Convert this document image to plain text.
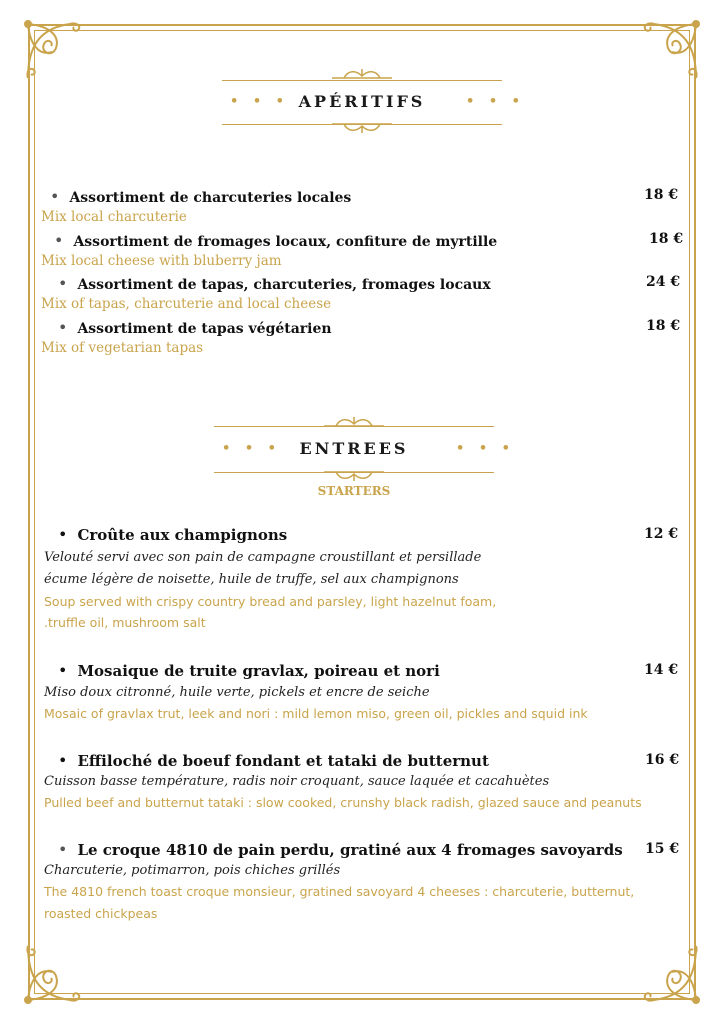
• • • APÉRITIFS	• • •
• Assortiment de charcuteries locales	18 €
Mix local charcuterie
• Assortiment de fromages locaux, confiture de myrtille	18 €
Mix local cheese with bluberry jam
• Assortiment de tapas, charcuteries, fromages locaux	24 €
Mix of tapas, charcuterie and local cheese
• Assortiment de tapas végétarien	18 €
Mix of vegetarian tapas
• • •	ENTREES	• • •
STARTERS
• Croûte aux champignons	12 €
Velouté servi avec son pain de campagne croustillant et persillade
écume légère de noisette, huile de truffe, sel aux champignons
Soup served with crispy country bread and parsley, light hazelnut foam,
.truffle oil, mushroom salt
• Mosaique de truite gravlax, poireau et nori	14 €
Miso doux citronné, huile verte, pickels et encre de seiche
Mosaic of gravlax trut, leek and nori : mild lemon miso, green oil, pickles and squid ink
• Effiloché de boeuf fondant et tataki de butternut	16 €
Cuisson basse température, radis noir croquant, sauce laquée et cacahuètes
Pulled beef and butternut tataki : slow cooked, crunshy black radish, glazed sauce and peanuts
• Le croque 4810 de pain perdu, gratiné aux 4 fromages savoyards 15 €
Charcuterie, potimarron, pois chiches grillés
The 4810 french toast croque monsieur, gratined savoyard 4 cheeses : charcuterie, butternut,
roasted chickpeas
